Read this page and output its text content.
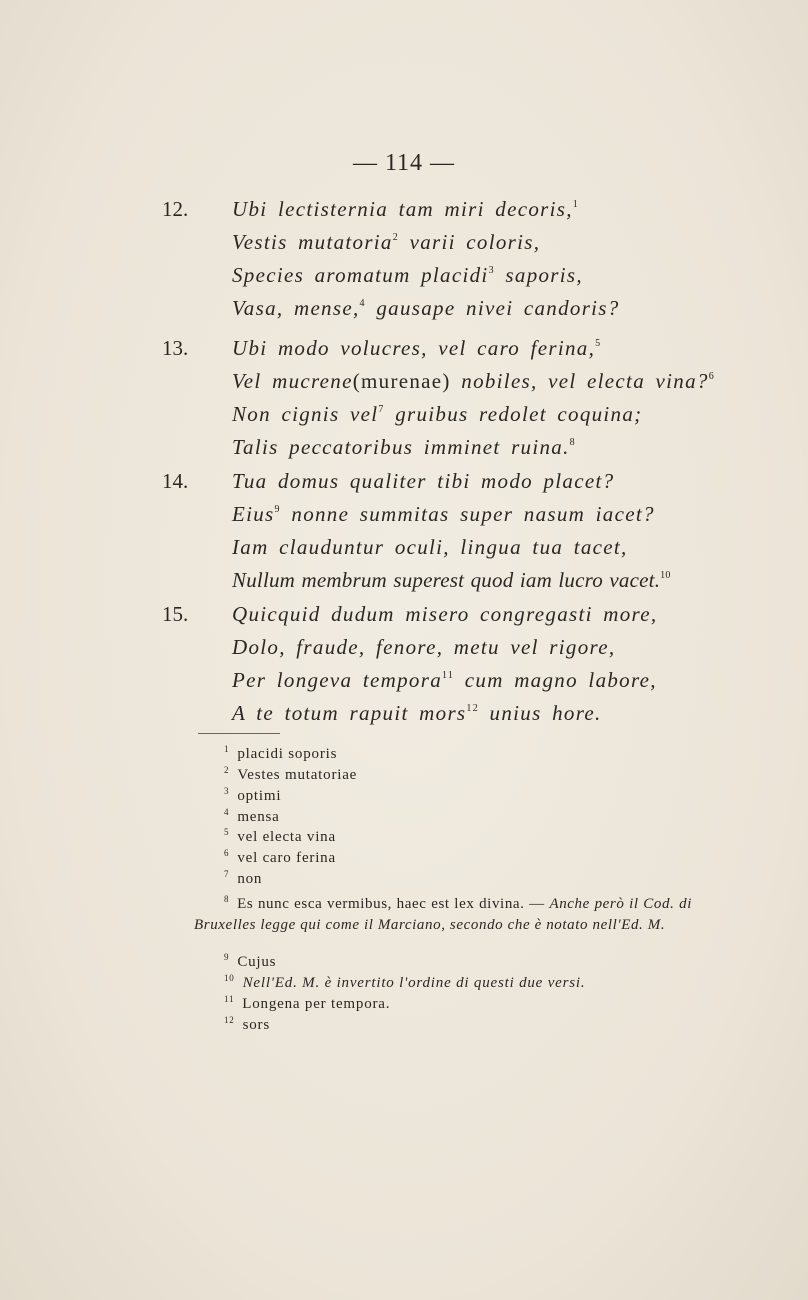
— 114 —
12. Ubi lectisternia tam miri decoris,$^1$
Vestis mutatoria$^2$ varii coloris,
Species aromatum placidi$^3$ saporis,
Vasa, mense,$^4$ gausape nivei candoris?
13. Ubi modo volucres, vel caro ferina,$^5$
Vel mucrene(murenae) nobiles, vel electa vina?$^6$
Non cignis vel$^7$ gruibus redolet coquina;
Talis peccatoribus imminet ruina.$^8$
14. Tua domus qualiter tibi modo placet?
Eius$^9$ nonne summitas super nasum iacet?
Iam clauduntur oculi, lingua tua tacet,
Nullum membrum superest quod iam lucro vacet.$^{10}$
15. Quicquid dudum misero congregasti more,
Dolo, fraude, fenore, metu vel rigore,
Per longeva tempora$^{11}$ cum magno labore,
A te totum rapuit mors$^{12}$ unius hore.
$^1$ placidi soporis
$^2$ Vestes mutatoriae
$^3$ optimi
$^4$ mensa
$^5$ vel electa vina
$^6$ vel caro ferina
$^7$ non
$^8$ Es nunc esca vermibus, haec est lex divina. — Anche però il Cod. di Bruxelles legge qui come il Marciano, secondo che è notato nell'Ed. M.
$^9$ Cujus
$^{10}$ Nell'Ed. M. è invertito l'ordine di questi due versi.
$^{11}$ Longena per tempora.
$^{12}$ sors
